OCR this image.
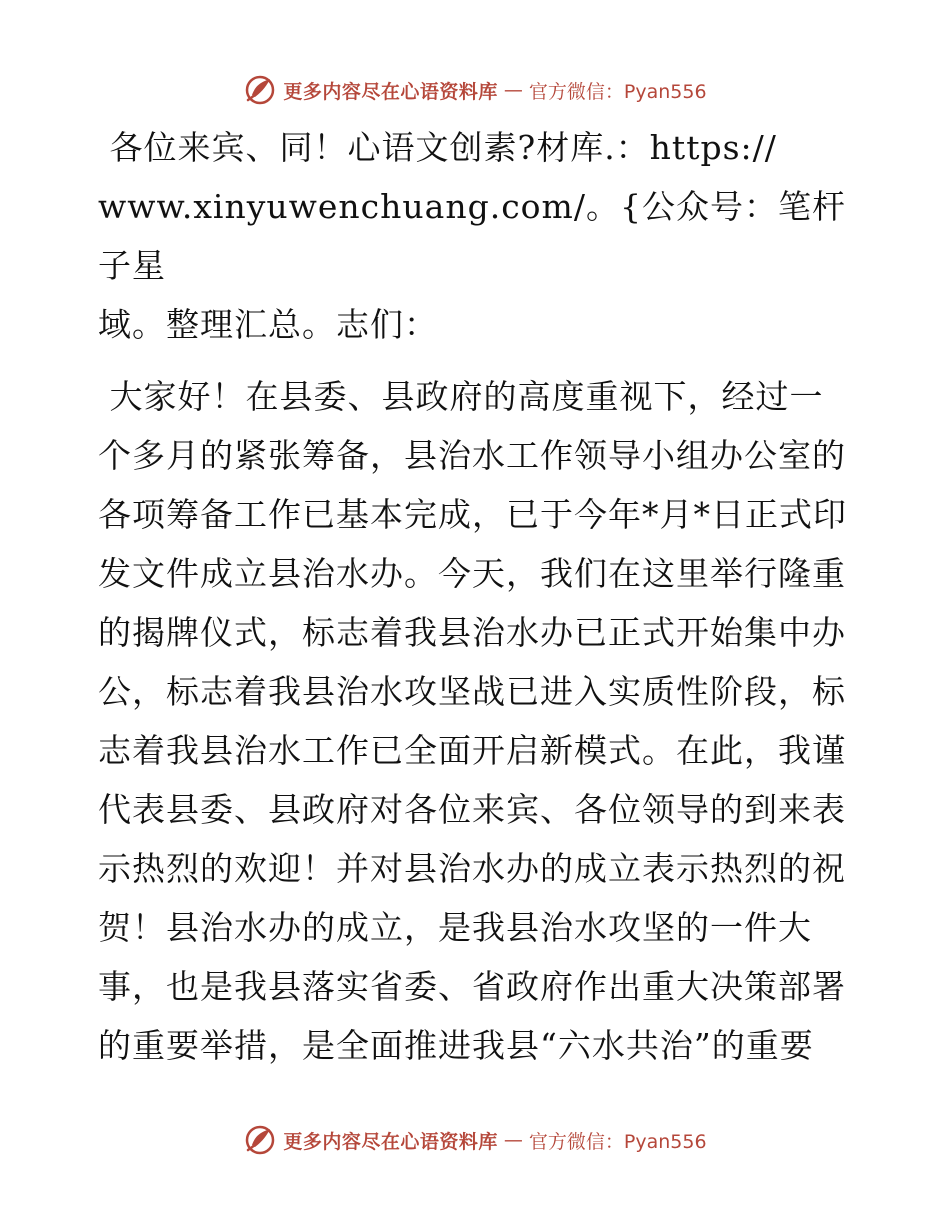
更多内容尽在心语资料库 — 官方微信：Pyan556

各位来宾、同！心语文创素?材库.：https://
www.xinyuwenchuang.com/。{公众号：笔杆子星
域。整理汇总。志们：

大家好！在县委、县政府的高度重视下，经过一
个多月的紧张筹备，县治水工作领导小组办公室的
各项筹备工作已基本完成，已于今年*月*日正式印
发文件成立县治水办。今天，我们在这里举行隆重
的揭牌仪式，标志着我县治水办已正式开始集中办
公，标志着我县治水攻坚战已进入实质性阶段，标
志着我县治水工作已全面开启新模式。在此，我谨
代表县委、县政府对各位来宾、各位领导的到来表
示热烈的欢迎！并对县治水办的成立表示热烈的祝
贺！县治水办的成立，是我县治水攻坚的一件大
事，也是我县落实省委、省政府作出重大决策部署
的重要举措，是全面推进我县“六水共治”的重要

更多内容尽在心语资料库 — 官方微信：Pyan556
